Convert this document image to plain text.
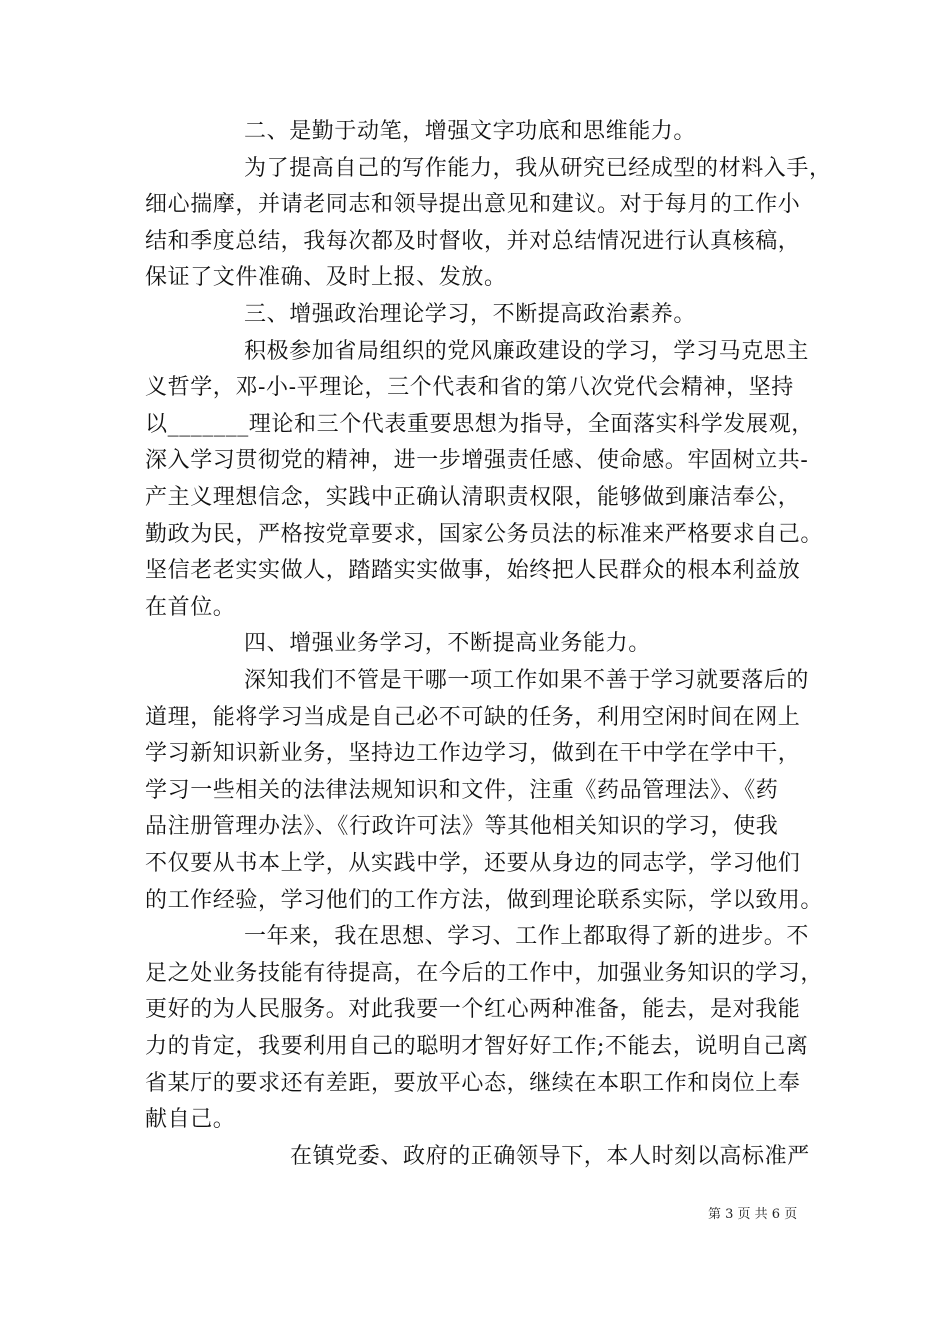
二、是勤于动笔，增强文字功底和思维能力。
为了提高自己的写作能力，我从研究已经成型的材料入手，
细心揣摩，并请老同志和领导提出意见和建议。对于每月的工作小
结和季度总结，我每次都及时督收，并对总结情况进行认真核稿，
保证了文件准确、及时上报、发放。
三、增强政治理论学习，不断提高政治素养。
积极参加省局组织的党风廉政建设的学习，学习马克思主
义哲学，邓-小-平理论，三个代表和省的第八次党代会精神，坚持
以_______理论和三个代表重要思想为指导，全面落实科学发展观，
深入学习贯彻党的精神，进一步增强责任感、使命感。牢固树立共-
产主义理想信念，实践中正确认清职责权限，能够做到廉洁奉公，
勤政为民，严格按党章要求，国家公务员法的标准来严格要求自己。
坚信老老实实做人，踏踏实实做事，始终把人民群众的根本利益放
在首位。
四、增强业务学习，不断提高业务能力。
深知我们不管是干哪一项工作如果不善于学习就要落后的
道理，能将学习当成是自己必不可缺的任务，利用空闲时间在网上
学习新知识新业务，坚持边工作边学习，做到在干中学在学中干，
学习一些相关的法律法规知识和文件，注重《药品管理法》、《药
品注册管理办法》、《行政许可法》等其他相关知识的学习，使我
不仅要从书本上学，从实践中学，还要从身边的同志学，学习他们
的工作经验，学习他们的工作方法，做到理论联系实际，学以致用。
一年来，我在思想、学习、工作上都取得了新的进步。不
足之处业务技能有待提高，在今后的工作中，加强业务知识的学习，
更好的为人民服务。对此我要一个红心两种准备，能去，是对我能
力的肯定，我要利用自己的聪明才智好好工作;不能去，说明自己离
省某厅的要求还有差距，要放平心态，继续在本职工作和岗位上奉
献自己。
在镇党委、政府的正确领导下，本人时刻以高标准严
第 3 页 共 6 页
